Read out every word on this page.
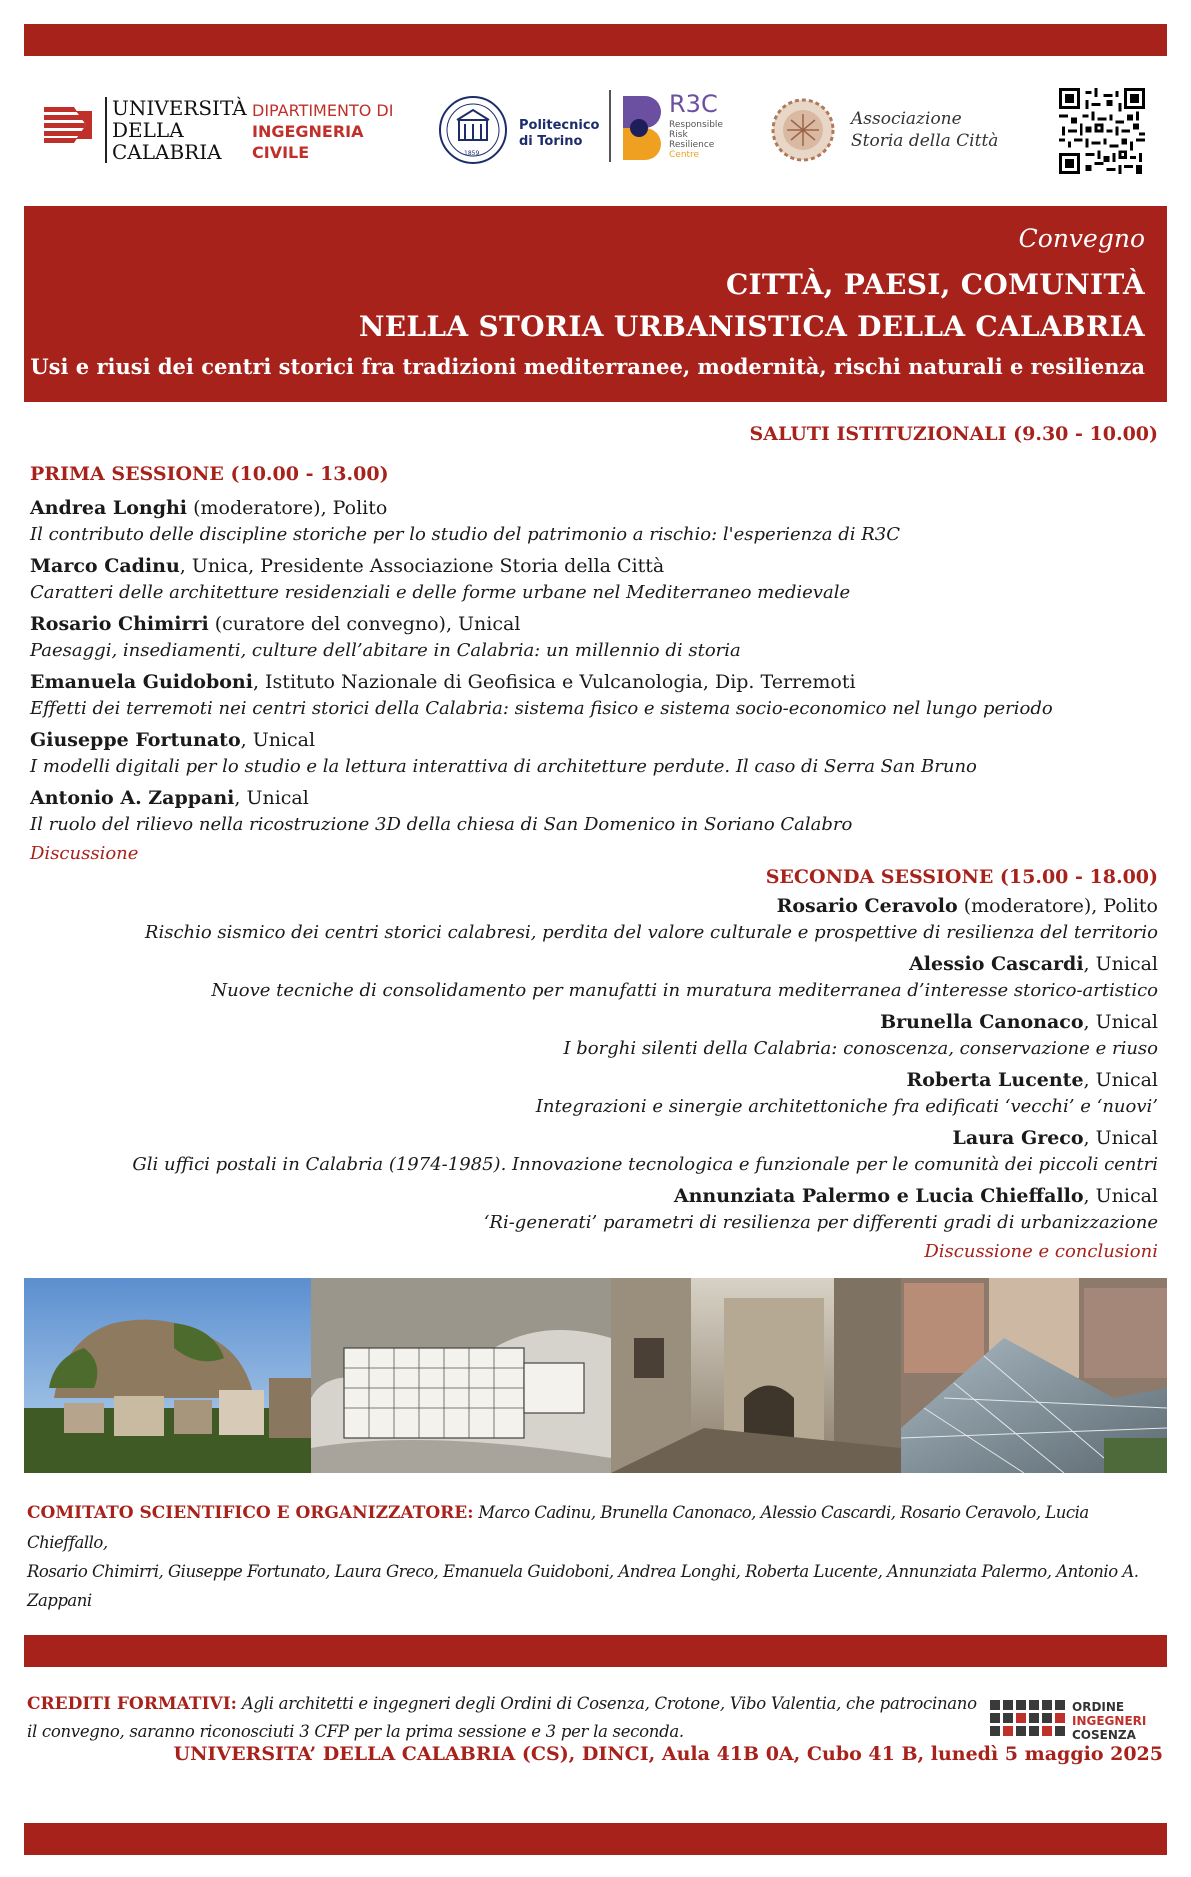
UNIVERSITÀ
DELLA
CALABRIA
DIPARTIMENTO DI
INGEGNERIA
CIVILE	1859
Politecnico
di Torino
R3C
Responsible
Risk
Resilience
Centre
Associazione
Storia della Città
Convegno
CITTÀ, PAESI, COMUNITÀ
NELLA STORIA URBANISTICA DELLA CALABRIA
Usi e riusi dei centri storici fra tradizioni mediterranee, modernità, rischi naturali e resilienza
SALUTI ISTITUZIONALI (9.30 - 10.00)
PRIMA SESSIONE (10.00 - 13.00)
Andrea Longhi (moderatore), Polito
Il contributo delle discipline storiche per lo studio del patrimonio a rischio: l'esperienza di R3C
Marco Cadinu, Unica, Presidente Associazione Storia della Città
Caratteri delle architetture residenziali e delle forme urbane nel Mediterraneo medievale
Rosario Chimirri (curatore del convegno), Unical
Paesaggi, insediamenti, culture dell’abitare in Calabria: un millennio di storia
Emanuela Guidoboni, Istituto Nazionale di Geofisica e Vulcanologia, Dip. Terremoti
Effetti dei terremoti nei centri storici della Calabria: sistema fisico e sistema socio-economico nel lungo periodo
Giuseppe Fortunato, Unical
I modelli digitali per lo studio e la lettura interattiva di architetture perdute. Il caso di Serra San Bruno
Antonio A. Zappani, Unical
Il ruolo del rilievo nella ricostruzione 3D della chiesa di San Domenico in Soriano Calabro
Discussione
SECONDA SESSIONE (15.00 - 18.00)
Rosario Ceravolo (moderatore), Polito
Rischio sismico dei centri storici calabresi, perdita del valore culturale e prospettive di resilienza del territorio
Alessio Cascardi, Unical
Nuove tecniche di consolidamento per manufatti in muratura mediterranea d’interesse storico-artistico
Brunella Canonaco, Unical
I borghi silenti della Calabria: conoscenza, conservazione e riuso
Roberta Lucente, Unical
Integrazioni e sinergie architettoniche fra edificati ‘vecchi’ e ‘nuovi’
Laura Greco, Unical
Gli uffici postali in Calabria (1974-1985). Innovazione tecnologica e funzionale per le comunità dei piccoli centri
Annunziata Palermo e Lucia Chieffallo, Unical
‘Ri-generati’ parametri di resilienza per differenti gradi di urbanizzazione
Discussione e conclusioni
COMITATO SCIENTIFICO E ORGANIZZATORE: Marco Cadinu, Brunella Canonaco, Alessio Cascardi, Rosario Ceravolo, Lucia Chieffallo,
Rosario Chimirri, Giuseppe Fortunato, Laura Greco, Emanuela Guidoboni, Andrea Longhi, Roberta Lucente, Annunziata Palermo, Antonio A. Zappani
CREDITI FORMATIVI: Agli architetti e ingegneri degli Ordini di Cosenza, Crotone, Vibo Valentia, che patrocinano
il convegno, saranno riconosciuti 3 CFP per la prima sessione e 3 per la seconda.
ORDINE
INGEGNERI
COSENZA
UNIVERSITA’ DELLA CALABRIA (CS), DINCI, Aula 41B 0A, Cubo 41 B, lunedì 5 maggio 2025
